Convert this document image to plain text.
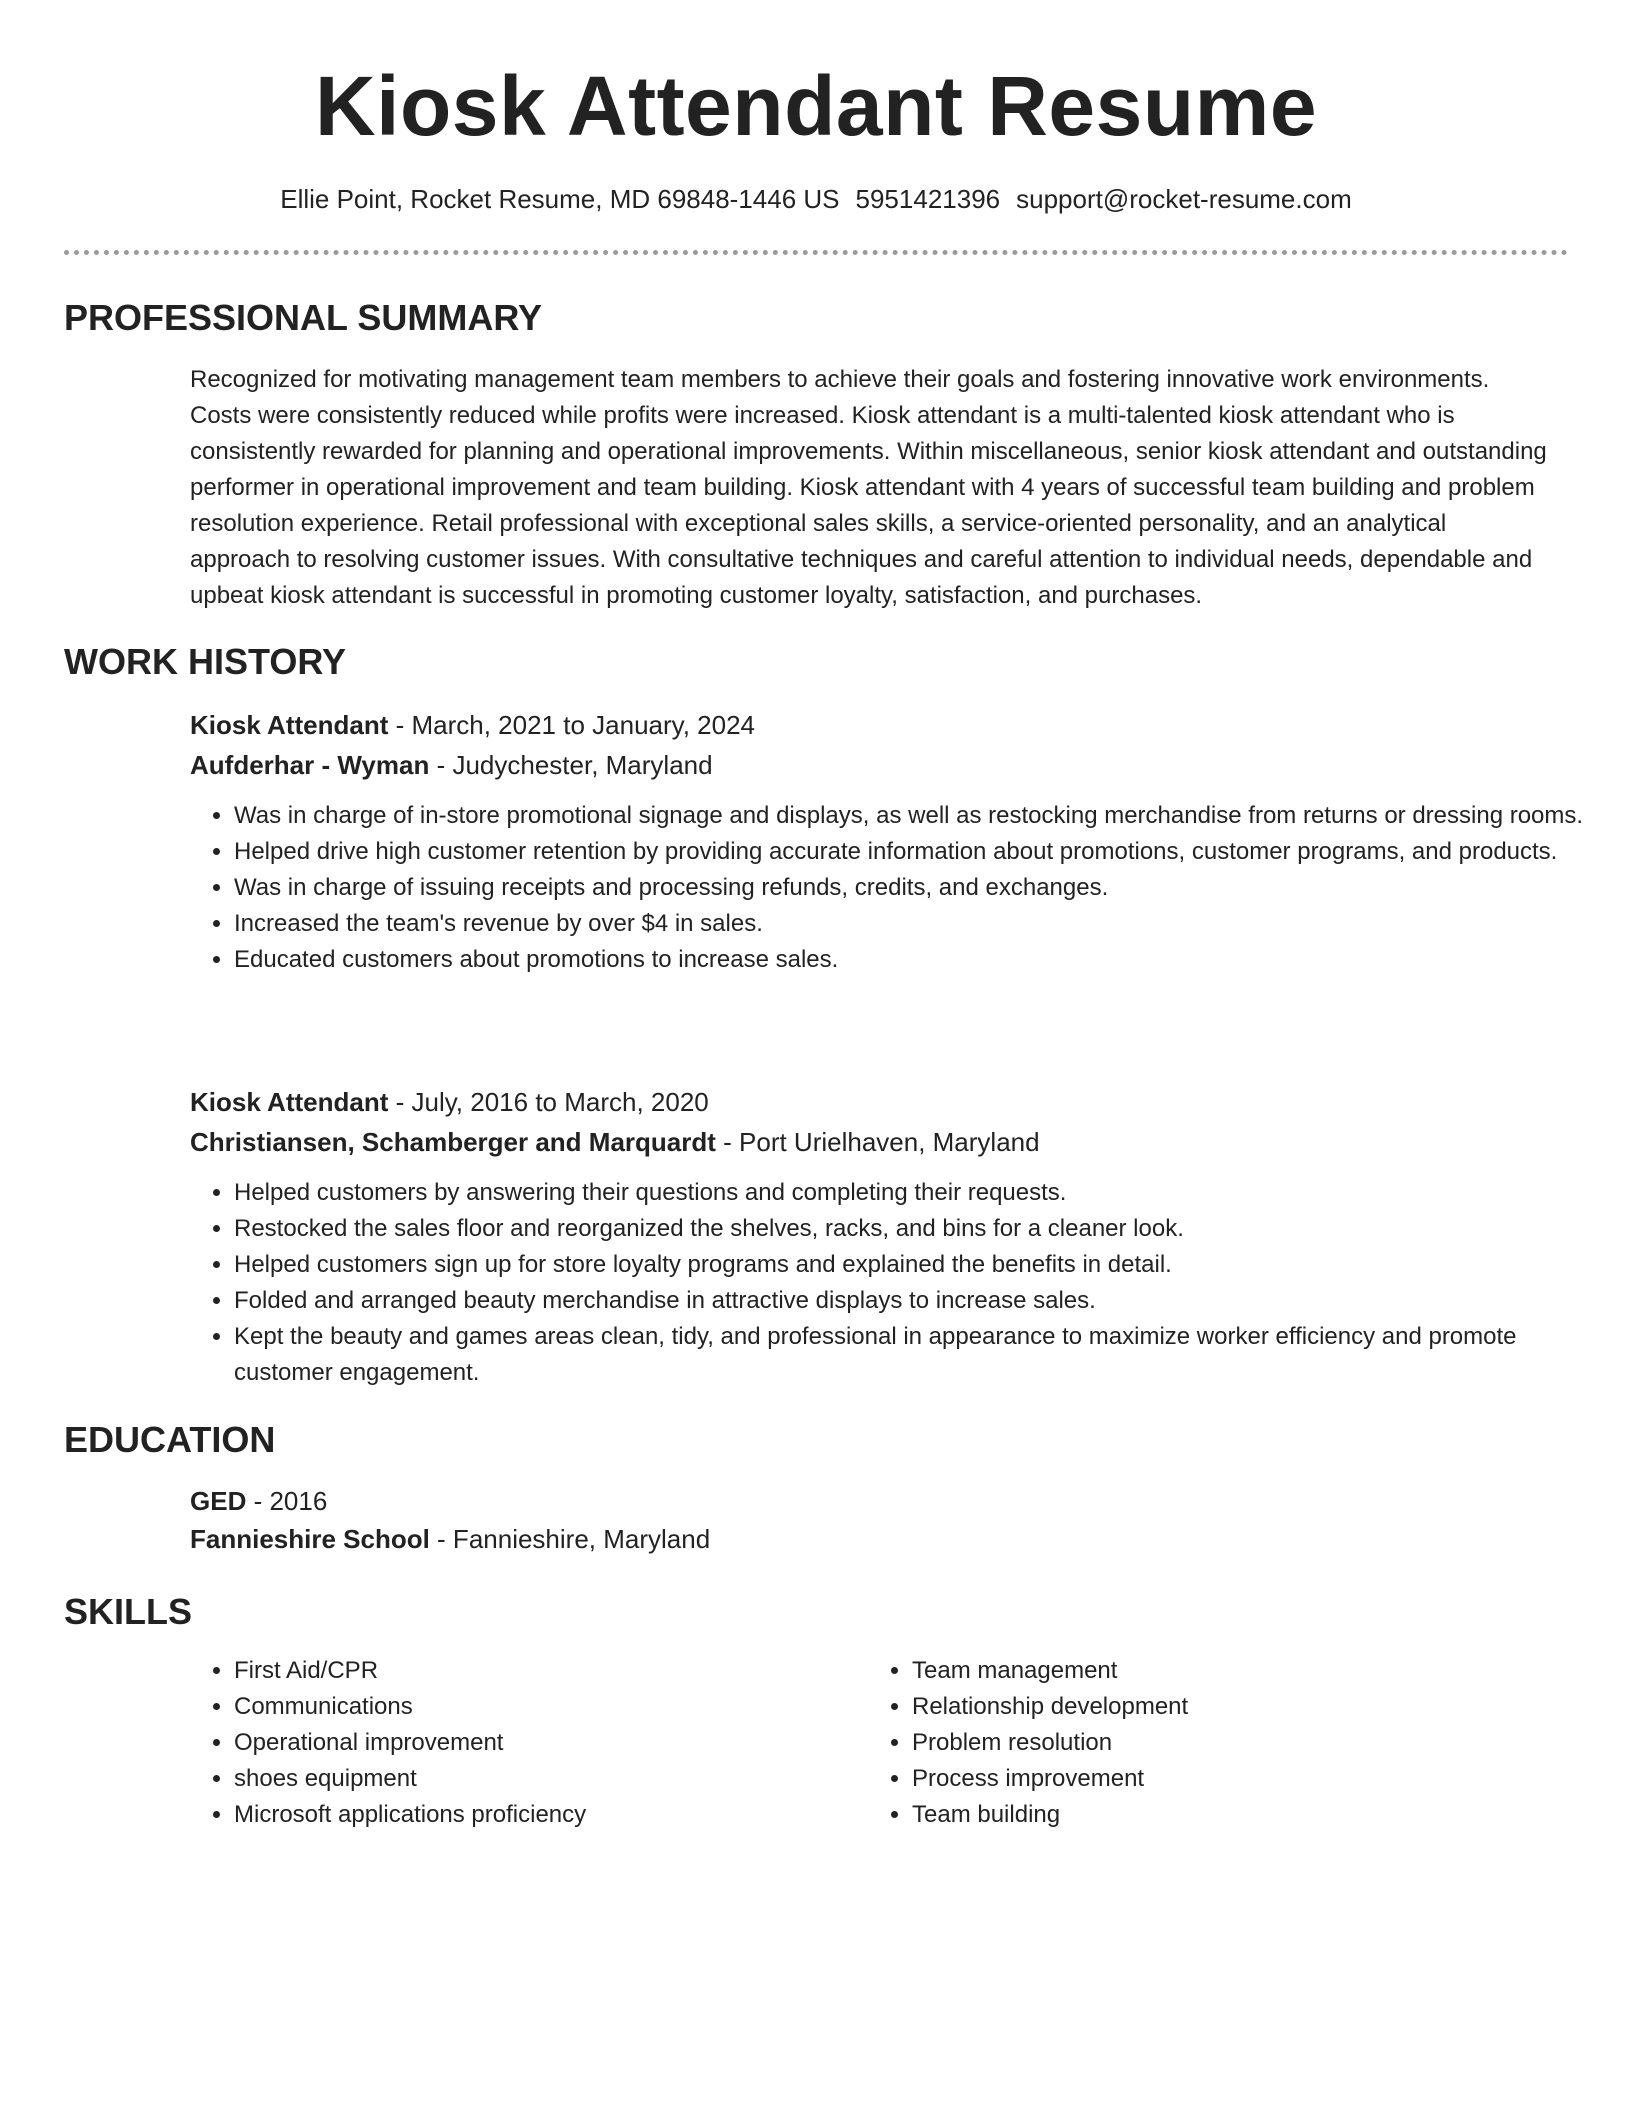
Kiosk Attendant Resume
Ellie Point, Rocket Resume, MD 69848-1446 US 5951421396 support@rocket-resume.com
PROFESSIONAL SUMMARY
Recognized for motivating management team members to achieve their goals and fostering innovative work environments. Costs were consistently reduced while profits were increased. Kiosk attendant is a multi-talented kiosk attendant who is consistently rewarded for planning and operational improvements. Within miscellaneous, senior kiosk attendant and outstanding performer in operational improvement and team building. Kiosk attendant with 4 years of successful team building and problem resolution experience. Retail professional with exceptional sales skills, a service-oriented personality, and an analytical approach to resolving customer issues. With consultative techniques and careful attention to individual needs, dependable and upbeat kiosk attendant is successful in promoting customer loyalty, satisfaction, and purchases.
WORK HISTORY
Kiosk Attendant - March, 2021 to January, 2024
Aufderhar - Wyman - Judychester, Maryland
• Was in charge of in-store promotional signage and displays, as well as restocking merchandise from returns or dressing rooms.
• Helped drive high customer retention by providing accurate information about promotions, customer programs, and products.
• Was in charge of issuing receipts and processing refunds, credits, and exchanges.
• Increased the team's revenue by over $4 in sales.
• Educated customers about promotions to increase sales.
Kiosk Attendant - July, 2016 to March, 2020
Christiansen, Schamberger and Marquardt - Port Urielhaven, Maryland
• Helped customers by answering their questions and completing their requests.
• Restocked the sales floor and reorganized the shelves, racks, and bins for a cleaner look.
• Helped customers sign up for store loyalty programs and explained the benefits in detail.
• Folded and arranged beauty merchandise in attractive displays to increase sales.
• Kept the beauty and games areas clean, tidy, and professional in appearance to maximize worker efficiency and promote customer engagement.
EDUCATION
GED - 2016
Fannieshire School - Fannieshire, Maryland
SKILLS
• First Aid/CPR
• Communications
• Operational improvement
• shoes equipment
• Microsoft applications proficiency
• Team management
• Relationship development
• Problem resolution
• Process improvement
• Team building
